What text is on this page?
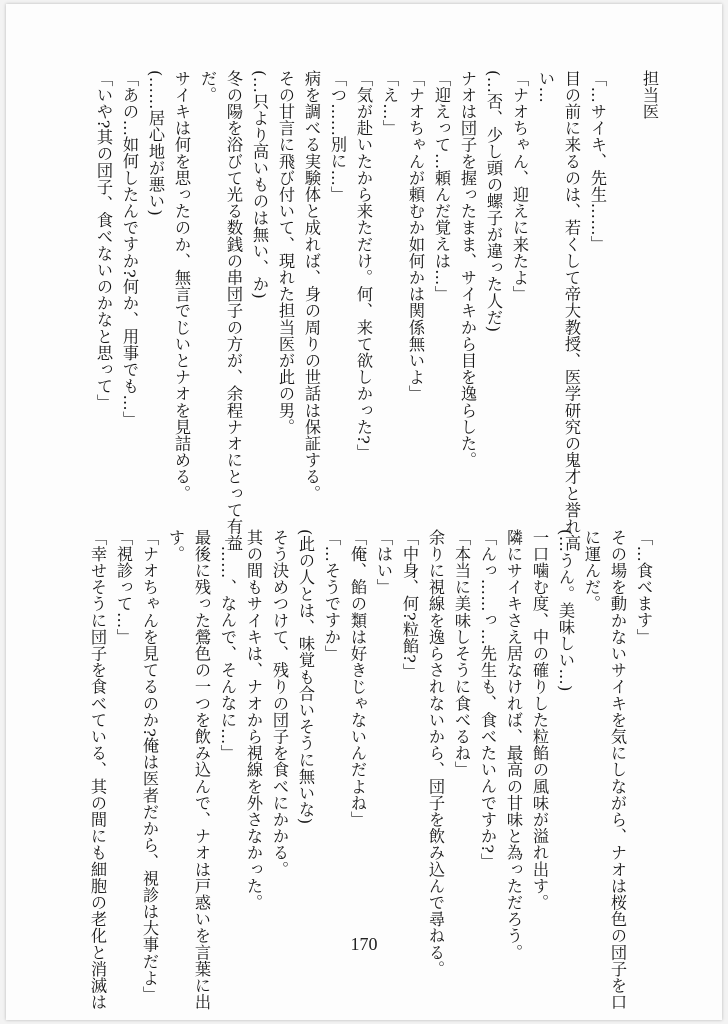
担当医

「…サイキ、先生……」
目の前に来るのは、若くして帝大教授、医学研究の鬼才と誉れ高
い…
「ナオちゃん、迎えに来たよ」
(…否、少し頭の螺子が違った人だ)
ナオは団子を握ったまま、サイキから目を逸らした。
「迎えって…頼んだ覚えは…」
「ナオちゃんが頼むか如何かは関係無いよ」
「え…」
「気が赴いたから来ただけ。何、来て欲しかった?」
「つ……別に…」
病を調べる実験体と成れば、身の周りの世話は保証する。
その甘言に飛び付いて、現れた担当医が此の男。
(…只より高いものは無い、か)
冬の陽を浴びて光る数銭の串団子の方が、余程ナオにとって有益
だ。
サイキは何を思ったのか、無言でじいとナオを見詰める。
(……居心地が悪い)
「あの…如何したんですか?何か、用事でも…」
「いや?其の団子、食べないのかなと思って」
「…食べます」
その場を動かないサイキを気にしながら、ナオは桜色の団子を口
に運んだ。
(…うん。美味しい…)
一口噛む度、中の確りした粒餡の風味が溢れ出す。
隣にサイキさえ居なければ、最高の甘味と為っただろう。
「んっ……っ…先生も、食べたいんですか?」
「本当に美味しそうに食べるね」
余りに視線を逸らされないから、団子を飲み込んで尋ねる。
「中身、何?粒餡?」
「はい」
「俺、餡の類は好きじゃないんだよね」
「…そうですか」
(此の人とは、味覚も合いそうに無いな)
そう決めつけて、残りの団子を食べにかかる。
其の間もサイキは、ナオから視線を外さなかった。
「……、なんで、そんなに…」
最後に残った鶯色の一つを飲み込んで、ナオは戸惑いを言葉に出
す。
「ナオちゃんを見てるのか?俺は医者だから、視診は大事だよ」
「視診って…」
「幸せそうに団子を食べている、其の間にも細胞の老化と消滅は	170
